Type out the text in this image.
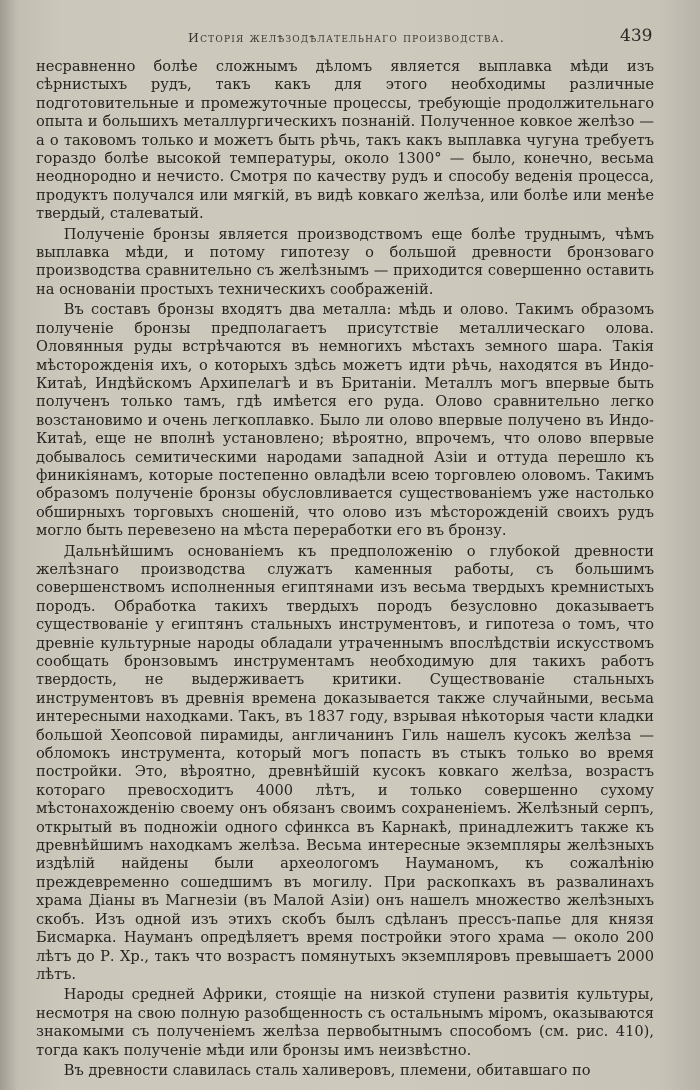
Исторія желѣзодѣлательнаго производства.	439

несравненно болѣе сложнымъ дѣломъ является выплавка мѣди изъ сѣрнистыхъ рудъ, такъ какъ для этого необходимы различные подготовительные и промежуточные процессы, требующіе продолжительнаго опыта и большихъ металлургическихъ познаній. Полученное ковкое желѣзо — а о таковомъ только и можетъ быть рѣчь, такъ какъ выплавка чугуна требуетъ гораздо болѣе высокой температуры, около 1300° — было, конечно, весьма неоднородно и нечисто. Смотря по качеству рудъ и способу веденія процесса, продуктъ получался или мягкій, въ видѣ ковкаго желѣза, или болѣе или менѣе твердый, сталеватый.

Полученіе бронзы является производствомъ еще болѣе труднымъ, чѣмъ выплавка мѣди, и потому гипотезу о большой древности бронзоваго производства сравнительно съ желѣзнымъ — приходится совершенно оставить на основаніи простыхъ техническихъ соображеній.

Въ составъ бронзы входятъ два металла: мѣдь и олово. Такимъ образомъ полученіе бронзы предполагаетъ присутствіе металлическаго олова. Оловянныя руды встрѣчаются въ немногихъ мѣстахъ земного шара. Такія мѣсторожденія ихъ, о которыхъ здѣсь можетъ идти рѣчь, находятся въ Индо-Китаѣ, Индѣйскомъ Архипелагѣ и въ Британіи. Металлъ могъ впервые быть полученъ только тамъ, гдѣ имѣется его руда. Олово сравнительно легко возстановимо и очень легкоплавко. Было ли олово впервые получено въ Индо-Китаѣ, еще не вполнѣ установлено; вѣроятно, впрочемъ, что олово впервые добывалось семитическими народами западной Азіи и оттуда перешло къ финикіянамъ, которые постепенно овладѣли всею торговлею оловомъ. Такимъ образомъ полученіе бронзы обусловливается существованіемъ уже настолько обширныхъ торговыхъ сношеній, что олово изъ мѣсторожденій своихъ рудъ могло быть перевезено на мѣста переработки его въ бронзу.

Дальнѣйшимъ основаніемъ къ предположенію о глубокой древности желѣзнаго производства служатъ каменныя работы, съ большимъ совершенствомъ исполненныя египтянами изъ весьма твердыхъ кремнистыхъ породъ. Обработка такихъ твердыхъ породъ безусловно доказываетъ существованіе у египтянъ стальныхъ инструментовъ, и гипотеза о томъ, что древніе культурные народы обладали утраченнымъ впослѣдствіи искусствомъ сообщать бронзовымъ инструментамъ необходимую для такихъ работъ твердость, не выдерживаетъ критики. Существованіе стальныхъ инструментовъ въ древнія времена доказывается также случайными, весьма интересными находками. Такъ, въ 1837 году, взрывая нѣкоторыя части кладки большой Хеопсовой пирамиды, англичанинъ Гиль нашелъ кусокъ желѣза — обломокъ инструмента, который могъ попасть въ стыкъ только во время постройки. Это, вѣроятно, древнѣйшій кусокъ ковкаго желѣза, возрастъ котораго превосходитъ 4000 лѣтъ, и только совершенно сухому мѣстонахожденію своему онъ обязанъ своимъ сохраненіемъ. Желѣзный серпъ, открытый въ подножіи одного сфинкса въ Карнакѣ, принадлежитъ также къ древнѣйшимъ находкамъ желѣза. Весьма интересные экземпляры желѣзныхъ издѣлій найдены были археологомъ Науманомъ, къ сожалѣнію преждевременно сошедшимъ въ могилу. При раскопкахъ въ развалинахъ храма Діаны въ Магнезіи (въ Малой Азіи) онъ нашелъ множество желѣзныхъ скобъ. Изъ одной изъ этихъ скобъ былъ сдѣланъ прессъ-папье для князя Бисмарка. Науманъ опредѣляетъ время постройки этого храма — около 200 лѣтъ до Р. Хр., такъ что возрастъ помянутыхъ экземпляровъ превышаетъ 2000 лѣтъ.

Народы средней Африки, стоящіе на низкой ступени развитія культуры, несмотря на свою полную разобщенность съ остальнымъ міромъ, оказываются знакомыми съ полученіемъ желѣза первобытнымъ способомъ (см. рис. 410), тогда какъ полученіе мѣди или бронзы имъ неизвѣстно.

Въ древности славилась сталь халиверовъ, племени, обитавшаго по
